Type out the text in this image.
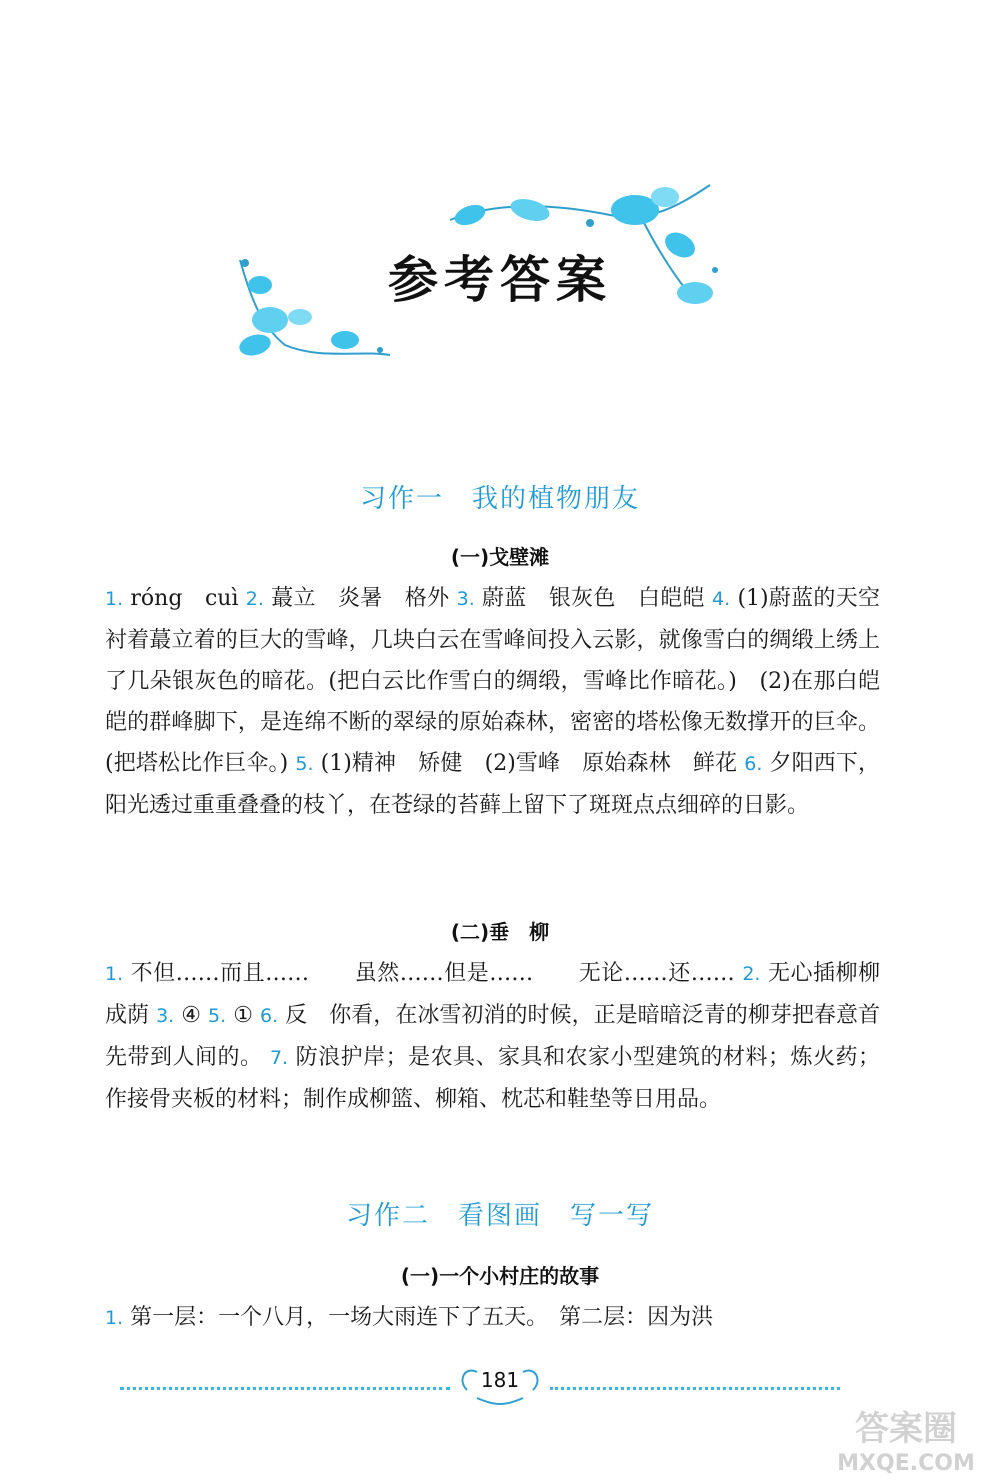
参考答案
习作一　我的植物朋友
(一)戈壁滩

1. róng　cuì 2. 蕞立　炎暑　格外 3. 蔚蓝　银灰色　白皑皑 4. (1)蔚蓝的天空衬着蕞立着的巨大的雪峰，几块白云在雪峰间投入云影，就像雪白的绸缎上绣上了几朵银灰色的暗花。(把白云比作雪白的绸缎，雪峰比作暗花。)　(2)在那白皑皑的群峰脚下，是连绵不断的翠绿的原始森林，密密的塔松像无数撑开的巨伞。(把塔松比作巨伞。) 5. (1)精神　矫健　(2)雪峰　原始森林　鲜花 6. 夕阳西下，阳光透过重重叠叠的枝丫，在苍绿的苔藓上留下了斑斑点点细碎的日影。

(二)垂　柳

1. 不但……而且……　　虽然……但是……　　无论……还…… 2. 无心插柳柳成荫 3. ④ 5. ① 6. 反　你看，在冰雪初消的时候，正是暗暗泛青的柳芽把春意首先带到人间的。 7. 防浪护岸；是农具、家具和农家小型建筑的材料；炼火药；作接骨夹板的材料；制作成柳篮、柳箱、枕芯和鞋垫等日用品。

习作二　看图画　写一写
(一)一个小村庄的故事

1. 第一层：一个八月，一场大雨连下了五天。　第二层：因为洪

181
答案圈
MXQE.COM
